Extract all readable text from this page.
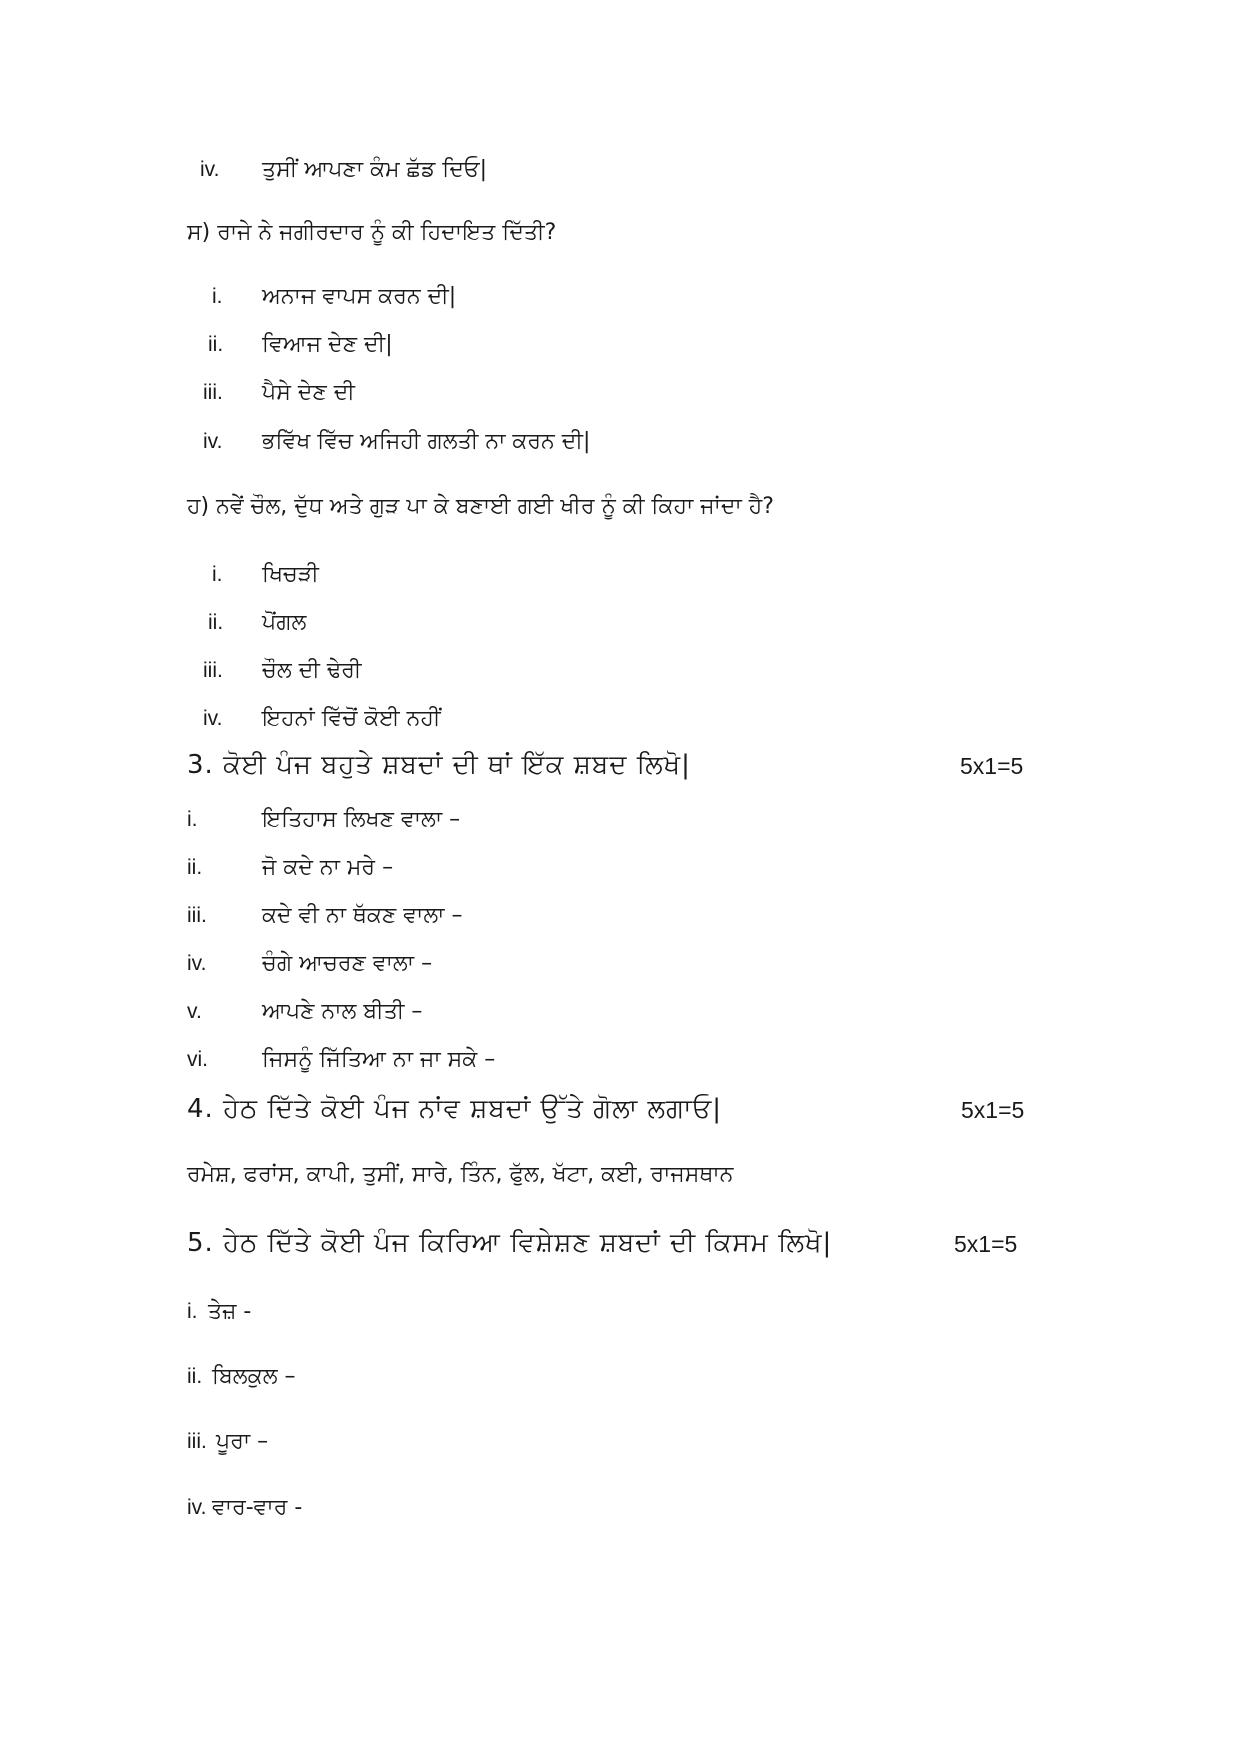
iv. ਤੁਸੀਂ ਆਪਣਾ ਕੰਮ ਛੱਡ ਦਿਓ|
ਸ) ਰਾਜੇ ਨੇ ਜਗੀਰਦਾਰ ਨੂੰ ਕੀ ਹਿਦਾਇਤ ਦਿੱਤੀ?
i. ਅਨਾਜ ਵਾਪਸ ਕਰਨ ਦੀ|
ii. ਵਿਆਜ ਦੇਣ ਦੀ|
iii. ਪੈਸੇ ਦੇਣ ਦੀ
iv. ਭਵਿੱਖ ਵਿੱਚ ਅਜਿਹੀ ਗਲਤੀ ਨਾ ਕਰਨ ਦੀ|
ਹ) ਨਵੇਂ ਚੌਲ, ਦੁੱਧ ਅਤੇ ਗੁੜ ਪਾ ਕੇ ਬਣਾਈ ਗਈ ਖੀਰ ਨੂੰ ਕੀ ਕਿਹਾ ਜਾਂਦਾ ਹੈ?
i. ਖਿਚੜੀ
ii. ਪੋਂਗਲ
iii. ਚੌਲ ਦੀ ਢੇਰੀ
iv. ਇਹਨਾਂ ਵਿੱਚੋਂ ਕੋਈ ਨਹੀਂ
3. ਕੋਈ ਪੰਜ ਬਹੁਤੇ ਸ਼ਬਦਾਂ ਦੀ ਥਾਂ ਇੱਕ ਸ਼ਬਦ ਲਿਖੋ|	5x1=5
i.	ਇਤਿਹਾਸ ਲਿਖਣ ਵਾਲਾ –
ii.	ਜੋ ਕਦੇ ਨਾ ਮਰੇ –
iii.	ਕਦੇ ਵੀ ਨਾ ਥੱਕਣ ਵਾਲਾ –
iv.	ਚੰਗੇ ਆਚਰਣ ਵਾਲਾ –
v.	ਆਪਣੇ ਨਾਲ ਬੀਤੀ –
vi. ਜਿਸਨੂੰ ਜਿੱਤਿਆ ਨਾ ਜਾ ਸਕੇ –
4. ਹੇਠ ਦਿੱਤੇ ਕੋਈ ਪੰਜ ਨਾਂਵ ਸ਼ਬਦਾਂ ਉੱਤੇ ਗੋਲਾ ਲਗਾਓ|	5x1=5
ਰਮੇਸ਼, ਫਰਾਂਸ, ਕਾਪੀ, ਤੁਸੀਂ, ਸਾਰੇ, ਤਿੰਨ, ਫੁੱਲ, ਖੱਟਾ, ਕਈ, ਰਾਜਸਥਾਨ
5. ਹੇਠ ਦਿੱਤੇ ਕੋਈ ਪੰਜ ਕਿਰਿਆ ਵਿਸ਼ੇਸ਼ਣ ਸ਼ਬਦਾਂ ਦੀ ਕਿਸਮ ਲਿਖੋ|	5x1=5
i. ਤੇਜ਼ -
ii. ਬਿਲਕੁਲ –
iii. ਪੂਰਾ –
iv. ਵਾਰ-ਵਾਰ -
